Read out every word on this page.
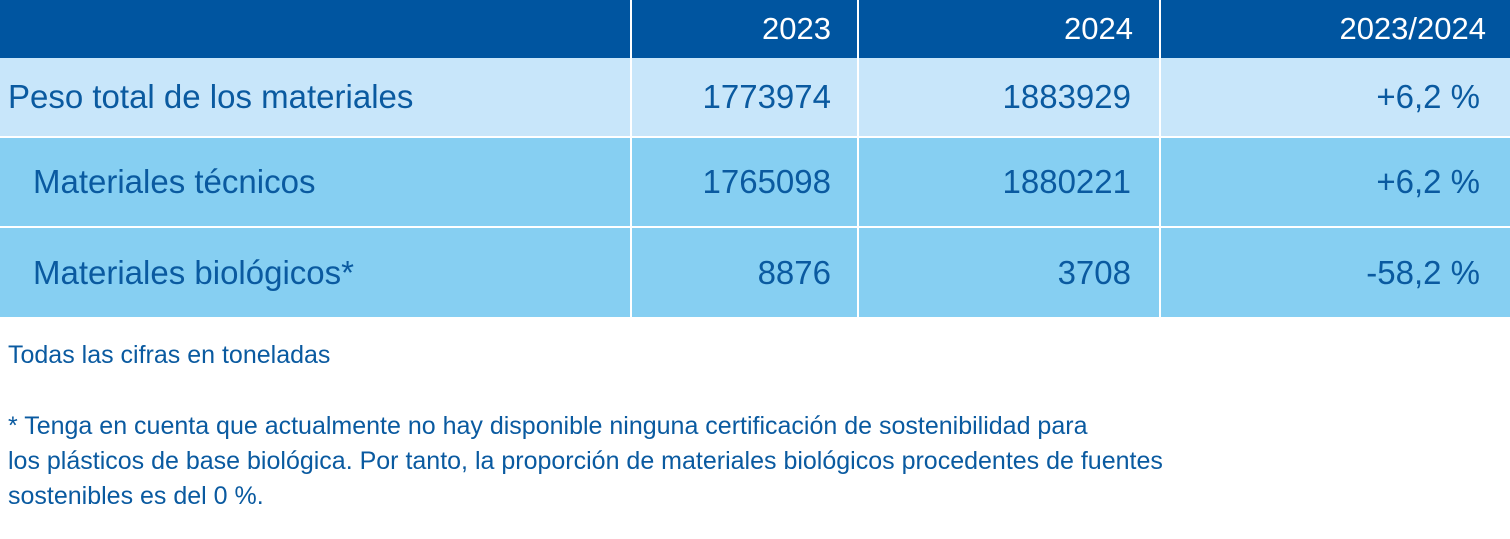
	2023	2024	2023/2024
Peso total de los materiales	1773974	1883929	+6,2 %
Materiales técnicos	1765098	1880221	+6,2 %
Materiales biológicos*	8876	3708	-58,2 %
Todas las cifras en toneladas
* Tenga en cuenta que actualmente no hay disponible ninguna certificación de sostenibilidad para
los plásticos de base biológica. Por tanto, la proporción de materiales biológicos procedentes de fuentes
sostenibles es del 0 %.
